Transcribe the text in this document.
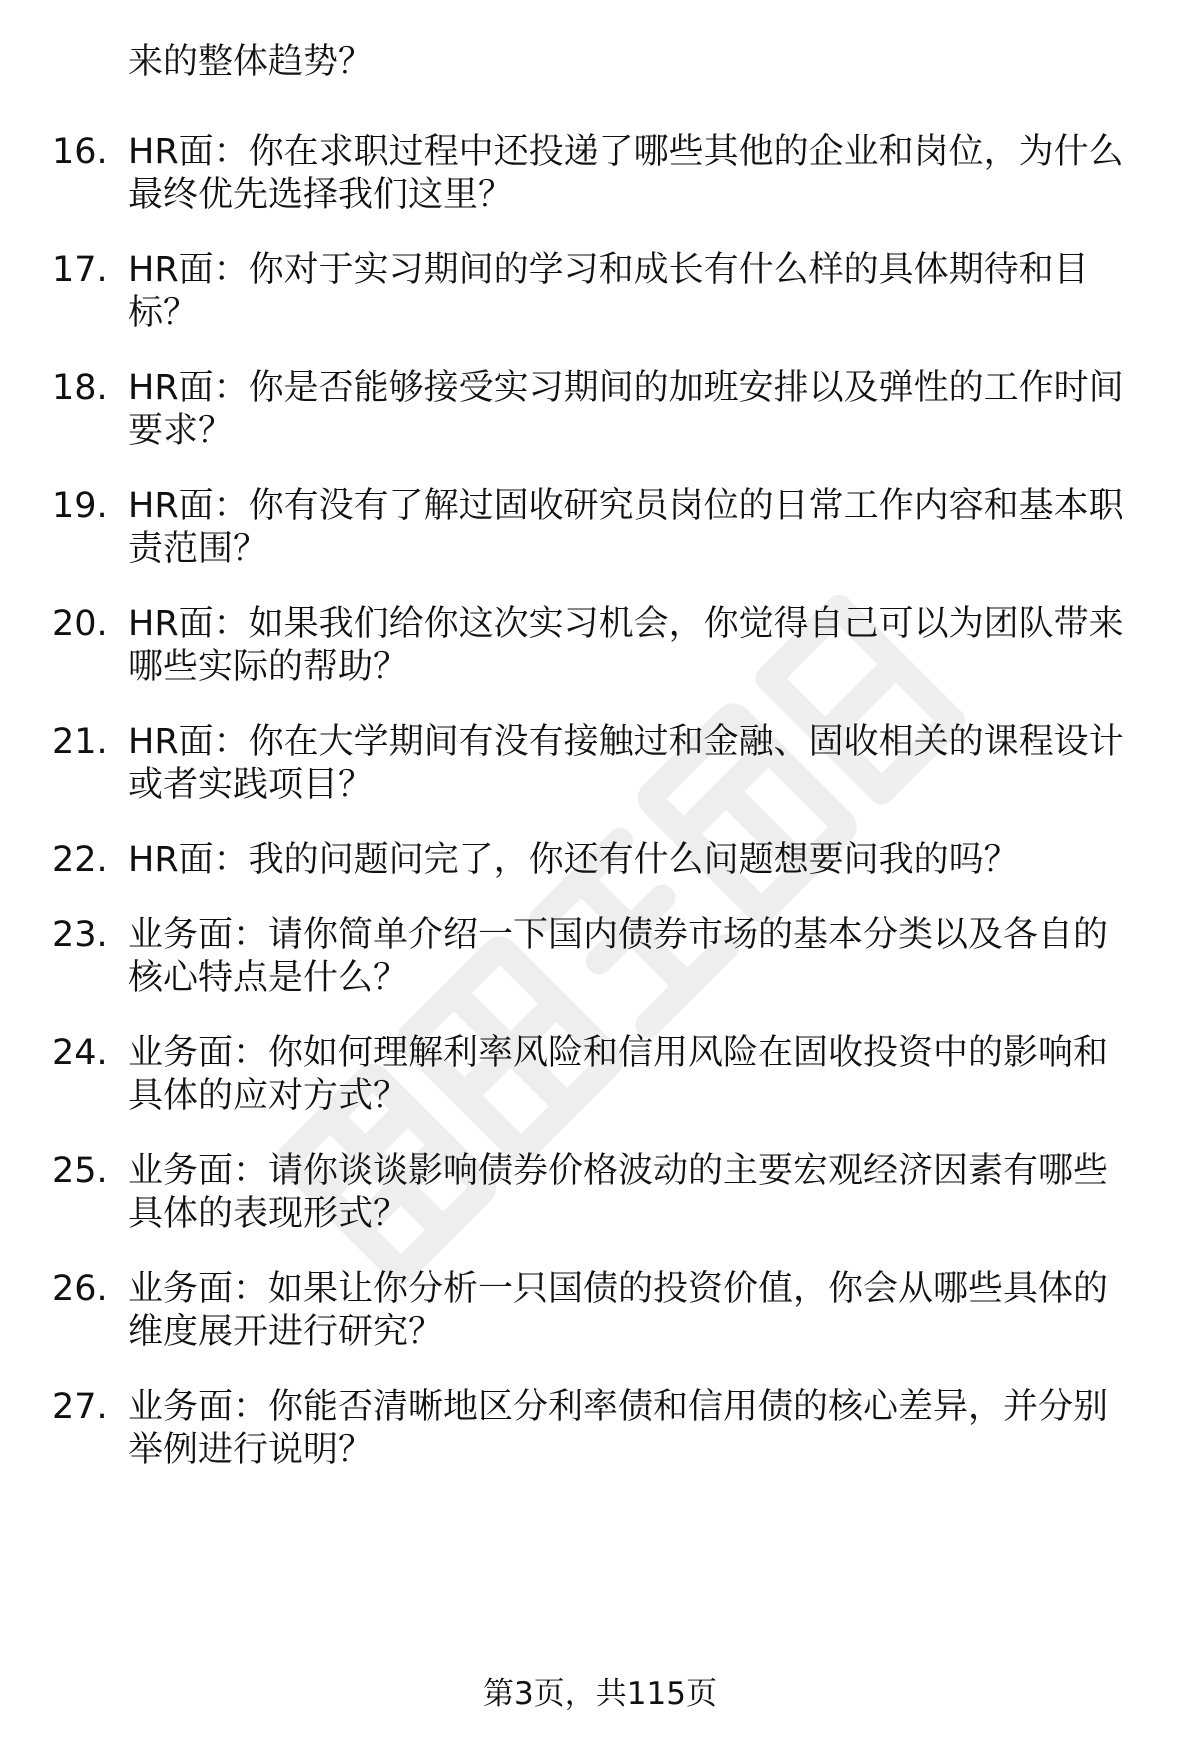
来的整体趋势？
16. HR面：你在求职过程中还投递了哪些其他的企业和岗位，为什么
最终优先选择我们这里？
17. HR面：你对于实习期间的学习和成长有什么样的具体期待和目
标？
18. HR面：你是否能够接受实习期间的加班安排以及弹性的工作时间
要求？
19. HR面：你有没有了解过固收研究员岗位的日常工作内容和基本职
责范围？
20. HR面：如果我们给你这次实习机会，你觉得自己可以为团队带来
哪些实际的帮助？
21. HR面：你在大学期间有没有接触过和金融、固收相关的课程设计
或者实践项目？
22. HR面：我的问题问完了，你还有什么问题想要问我的吗？
23. 业务面：请你简单介绍一下国内债券市场的基本分类以及各自的
核心特点是什么？
24. 业务面：你如何理解利率风险和信用风险在固收投资中的影响和
具体的应对方式？
25. 业务面：请你谈谈影响债券价格波动的主要宏观经济因素有哪些
具体的表现形式？
26. 业务面：如果让你分析一只国债的投资价值，你会从哪些具体的
维度展开进行研究？
27. 业务面：你能否清晰地区分利率债和信用债的核心差异，并分别
举例进行说明？
第3页，共115页
